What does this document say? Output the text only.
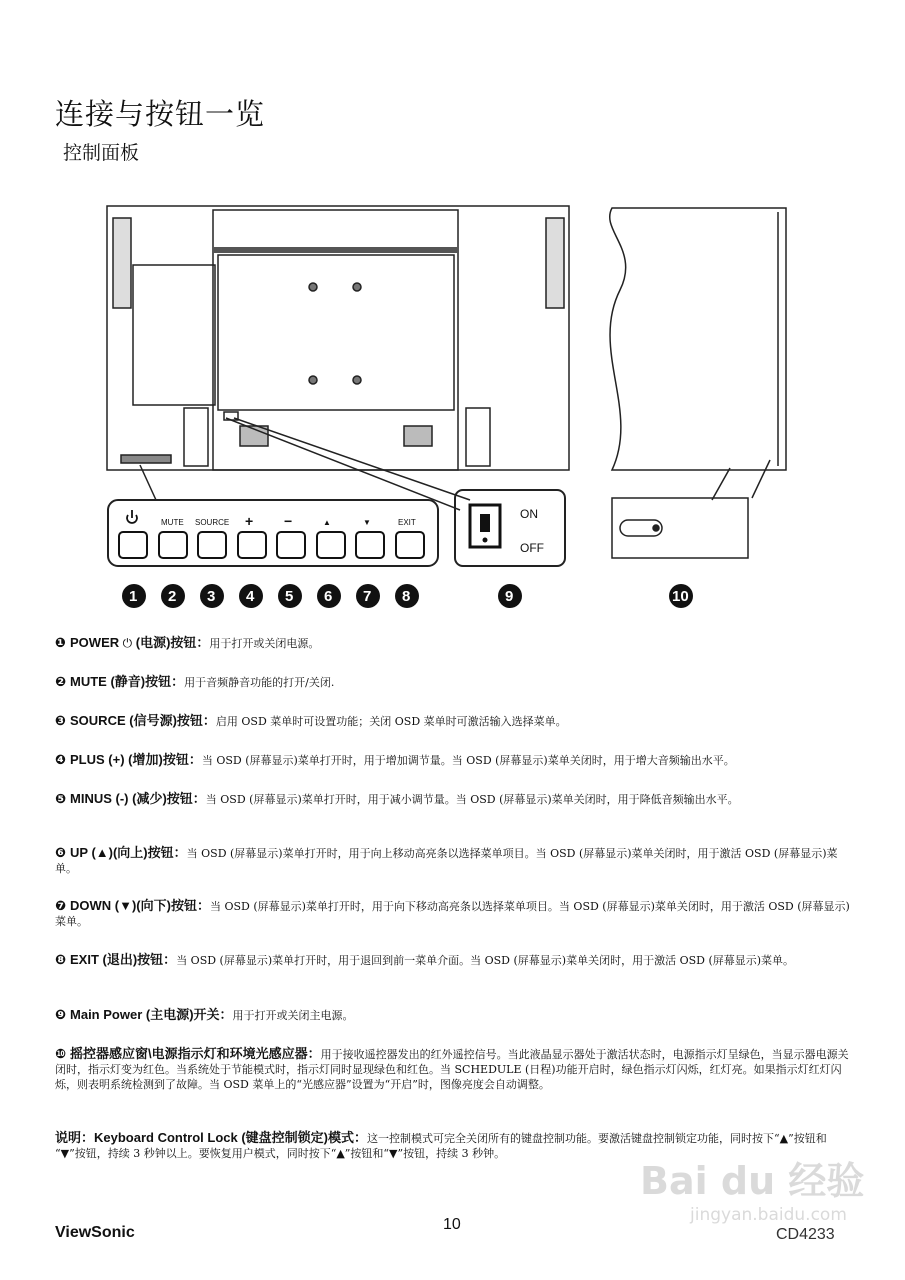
连接与按钮一览
控制面板
MUTE SOURCE + −	▲	▼	EXIT
ON
OFF
1 2 3 4 5 6 7 8	9	10
❶ POWER ⏻ (电源)按钮：用于打开或关闭电源。
❷ MUTE (静音)按钮：用于音频静音功能的打开/关闭.
❸ SOURCE (信号源)按钮：启用 OSD 菜单时可设置功能；关闭 OSD 菜单时可激活输入选择菜单。
❹ PLUS (+) (增加)按钮：当 OSD (屏幕显示)菜单打开时，用于增加调节量。当 OSD (屏幕显示)菜单关闭时，用于增大音频输出水平。
❺ MINUS (-) (减少)按钮：当 OSD (屏幕显示)菜单打开时，用于减小调节量。当 OSD (屏幕显示)菜单关闭时，用于降低音频输出水平。
❻ UP (▲)(向上)按钮：当 OSD (屏幕显示)菜单打开时，用于向上移动高亮条以选择菜单项目。当 OSD (屏幕显示)菜单关闭时，用于激活 OSD (屏幕显示)菜单。
❼ DOWN (▼)(向下)按钮：当 OSD (屏幕显示)菜单打开时，用于向下移动高亮条以选择菜单项目。当 OSD (屏幕显示)菜单关闭时，用于激活 OSD (屏幕显示)菜单。
❽ EXIT (退出)按钮：当 OSD (屏幕显示)菜单打开时，用于退回到前一菜单介面。当 OSD (屏幕显示)菜单关闭时，用于激活 OSD (屏幕显示)菜单。
❾ Main Power (主电源)开关：用于打开或关闭主电源。
❿ 摇控器感应窗\电源指示灯和环境光感应器：用于接收遥控器发出的红外遥控信号。当此液晶显示器处于激活状态时，电源指示灯呈绿色，当显示器电源关闭时，指示灯变为红色。当系统处于节能模式时，指示灯同时显现绿色和红色。当 SCHEDULE (日程)功能开启时，绿色指示灯闪烁，红灯亮。如果指示灯红灯闪烁，则表明系统检测到了故障。当 OSD 菜单上的“光感应器”设置为“开启”时，图像亮度会自动调整。
说明：Keyboard Control Lock (键盘控制锁定)模式：这一控制模式可完全关闭所有的键盘控制功能。要激活键盘控制锁定功能，同时按下“▲”按钮和 “▼”按钮，持续 3 秒钟以上。要恢复用户模式，同时按下“▲”按钮和“▼”按钮，持续 3 秒钟。
Bai du 经验
jingyan.baidu.com
ViewSonic	10
CD4233
